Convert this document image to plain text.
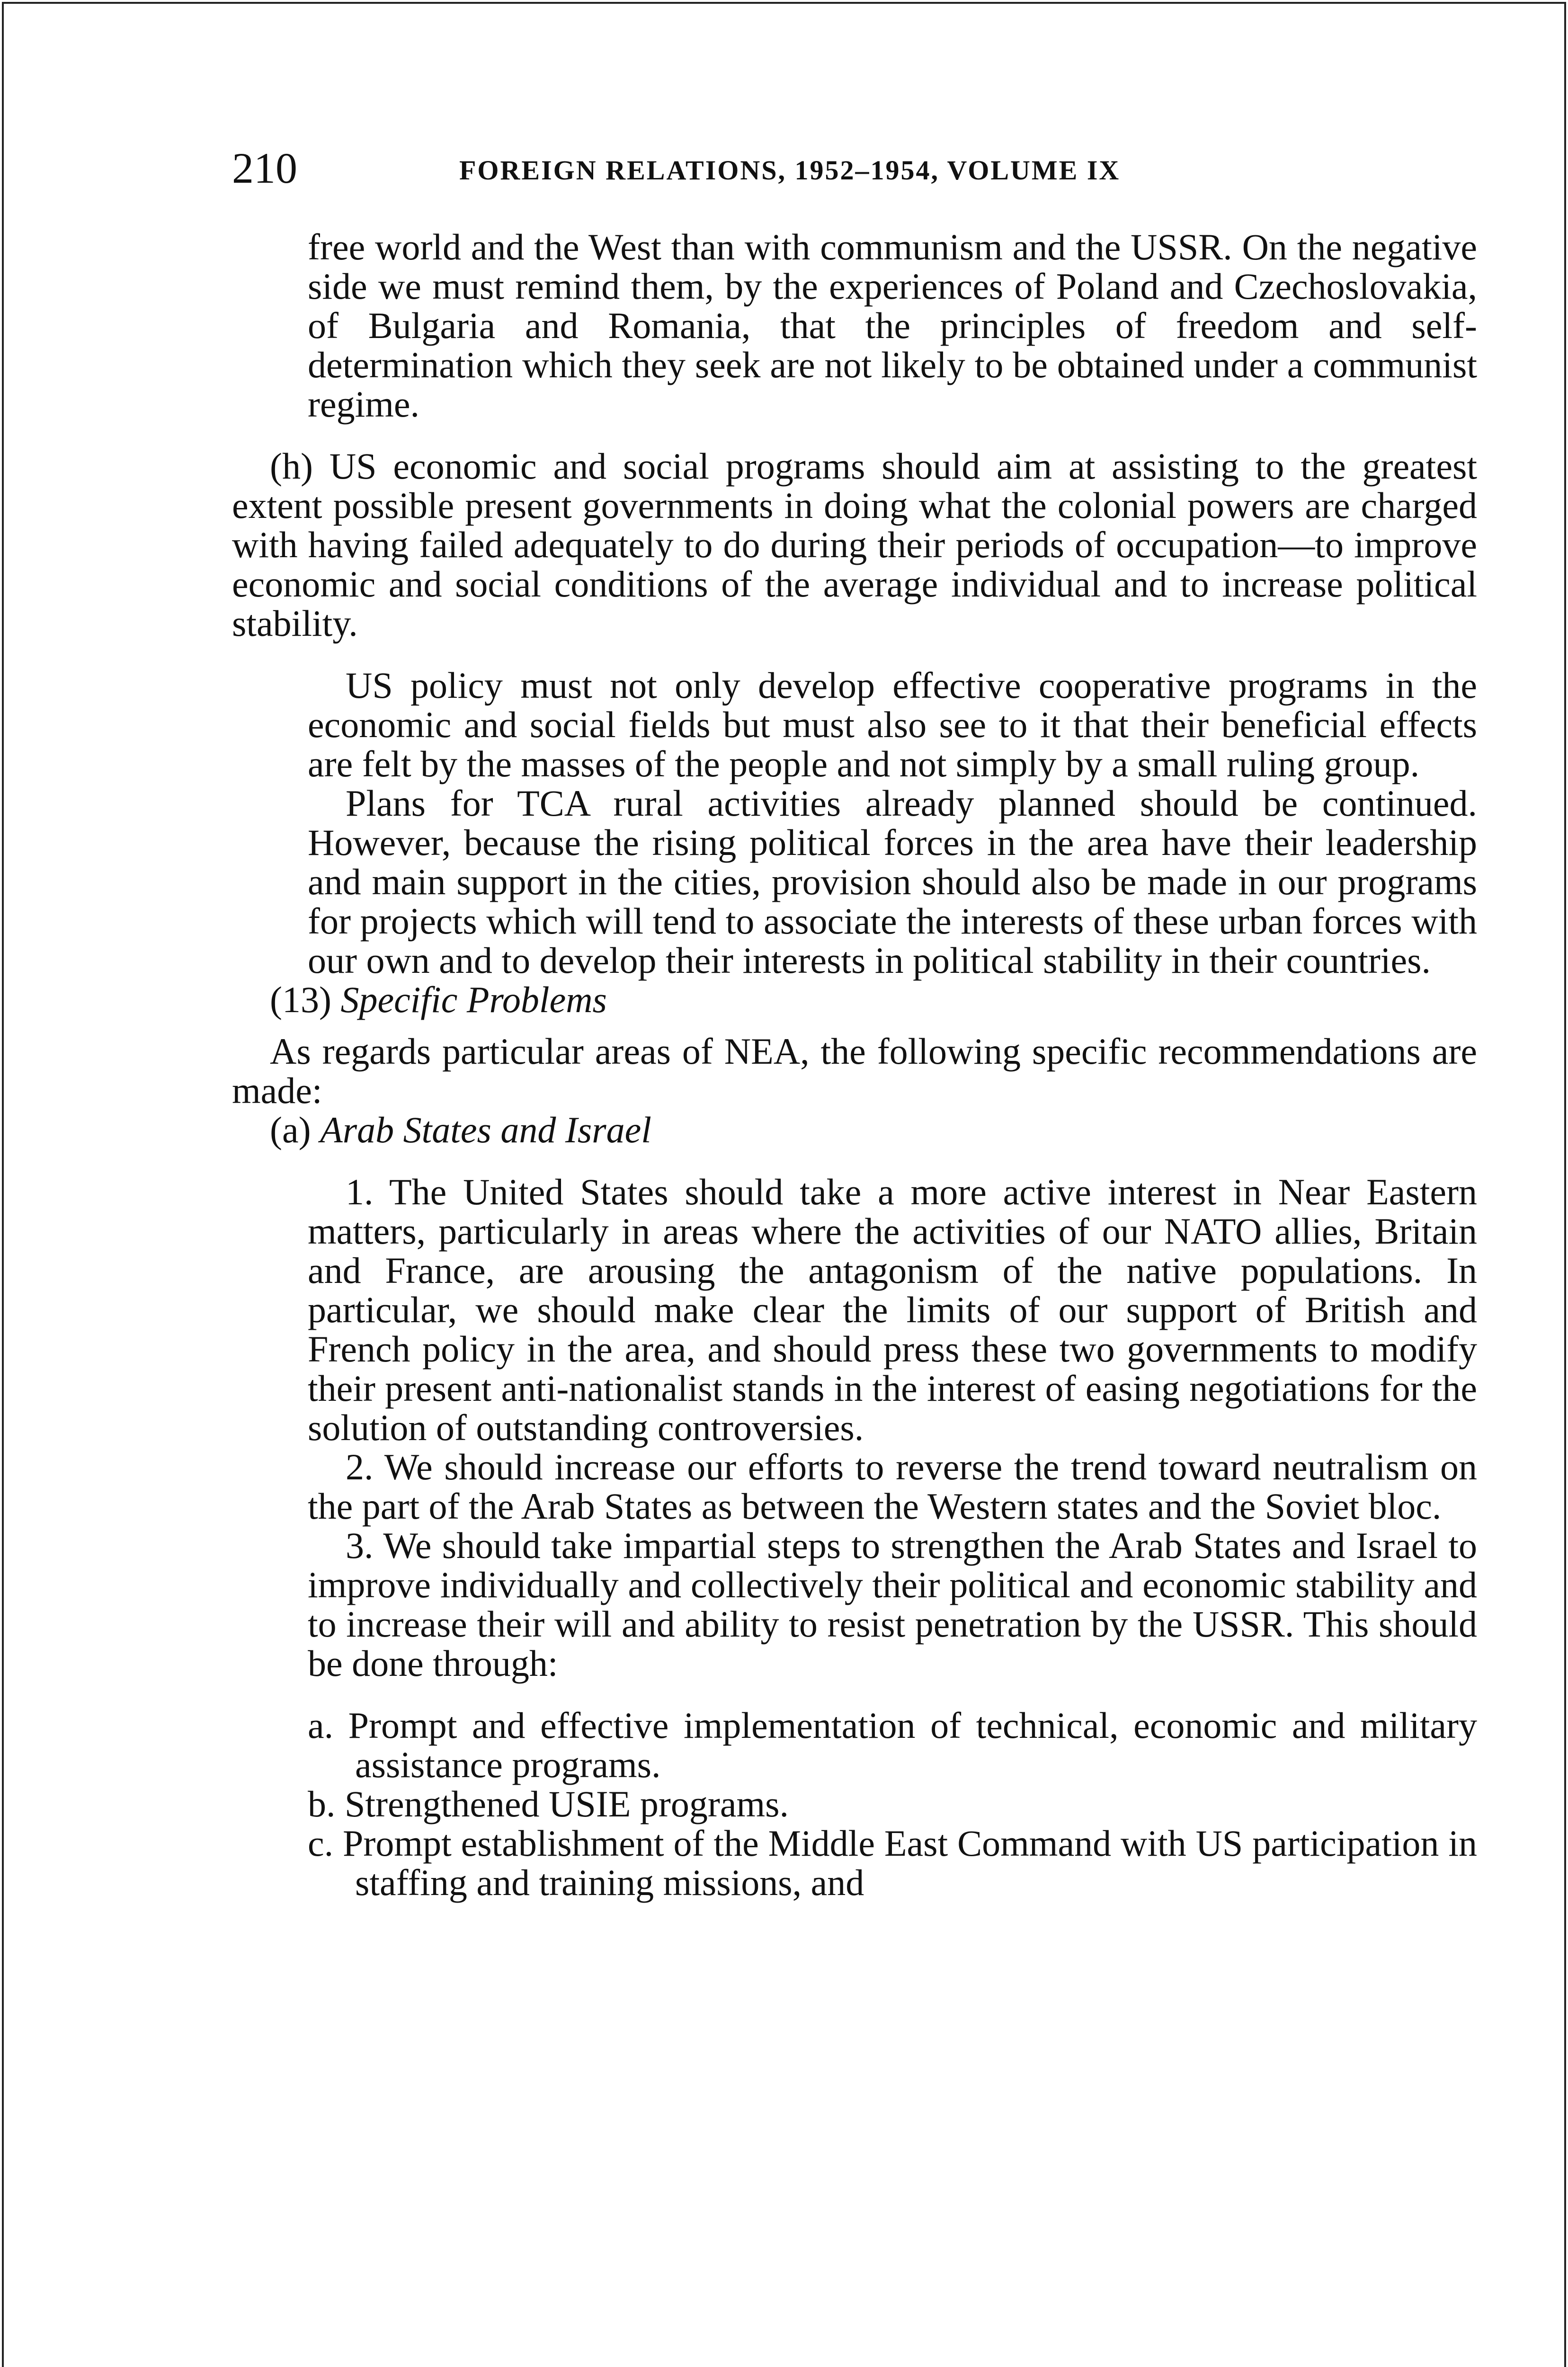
210	FOREIGN RELATIONS, 1952–1954, VOLUME IX

free world and the West than with communism and the USSR. On the negative side we must remind them, by the experiences of Poland and Czechoslovakia, of Bulgaria and Romania, that the principles of freedom and self-determination which they seek are not likely to be obtained under a communist regime.

(h) US economic and social programs should aim at assisting to the greatest extent possible present governments in doing what the colonial powers are charged with having failed adequately to do during their periods of occupation—to improve economic and social conditions of the average individual and to increase political stability.

US policy must not only develop effective cooperative programs in the economic and social fields but must also see to it that their beneficial effects are felt by the masses of the people and not simply by a small ruling group.

Plans for TCA rural activities already planned should be continued. However, because the rising political forces in the area have their leadership and main support in the cities, provision should also be made in our programs for projects which will tend to associate the interests of these urban forces with our own and to develop their interests in political stability in their countries.

(13) Specific Problems

As regards particular areas of NEA, the following specific recommendations are made:

(a) Arab States and Israel

1. The United States should take a more active interest in Near Eastern matters, particularly in areas where the activities of our NATO allies, Britain and France, are arousing the antagonism of the native populations. In particular, we should make clear the limits of our support of British and French policy in the area, and should press these two governments to modify their present anti-nationalist stands in the interest of easing negotiations for the solution of outstanding controversies.

2. We should increase our efforts to reverse the trend toward neutralism on the part of the Arab States as between the Western states and the Soviet bloc.

3. We should take impartial steps to strengthen the Arab States and Israel to improve individually and collectively their political and economic stability and to increase their will and ability to resist penetration by the USSR. This should be done through:

a. Prompt and effective implementation of technical, economic and military assistance programs.

b. Strengthened USIE programs.

c. Prompt establishment of the Middle East Command with US participation in staffing and training missions, and
